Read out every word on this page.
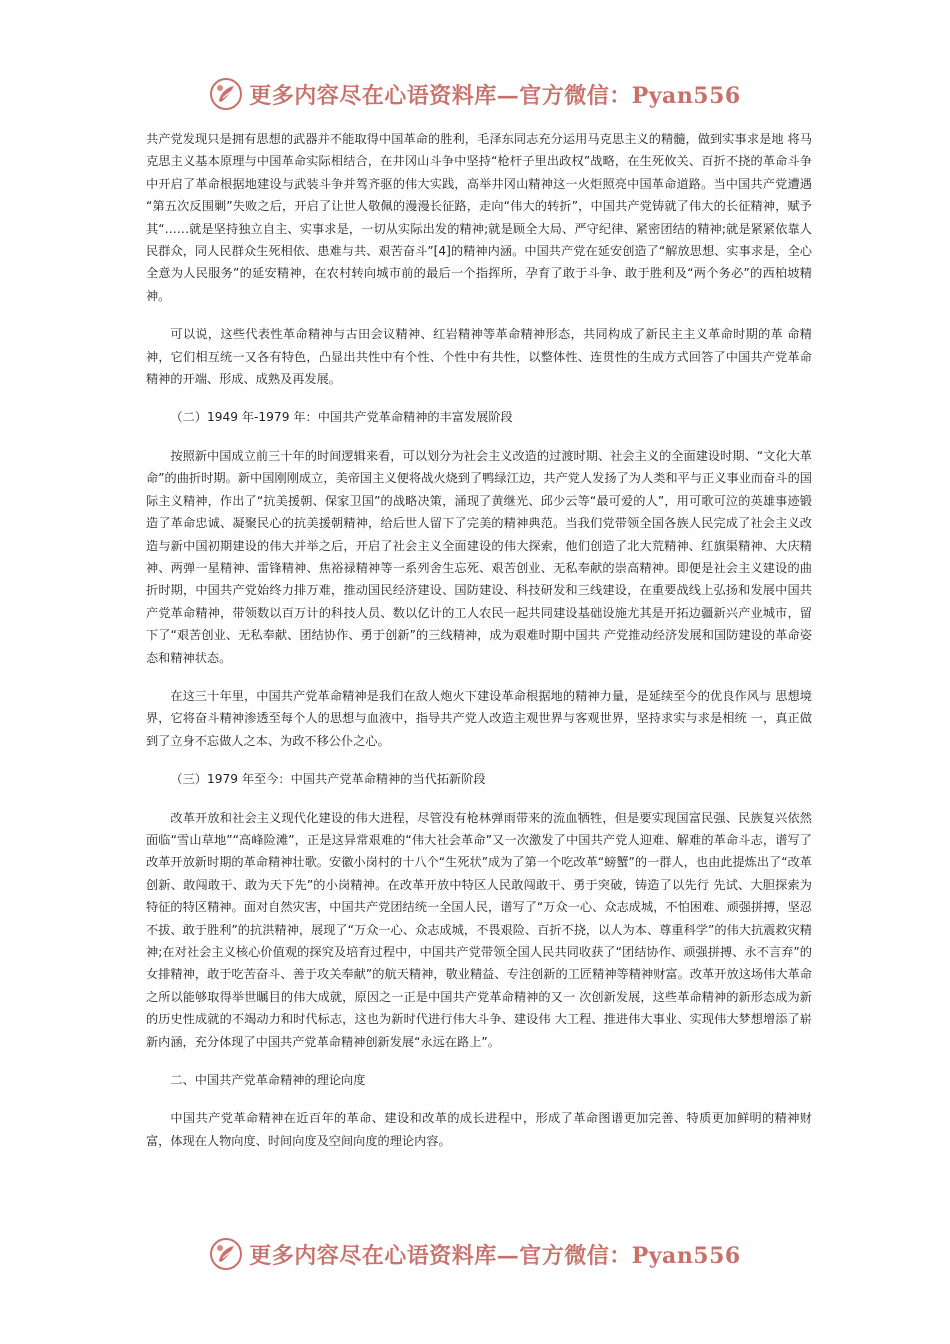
更多内容尽在心语资料库—官方微信：Pyan556

共产党发现只是拥有思想的武器并不能取得中国革命的胜利，毛泽东同志充分运用马克思主义的精髓，做到实事求是地 将马克思主义基本原理与中国革命实际相结合，在井冈山斗争中坚持“枪杆子里出政权”战略，在生死攸关、百折不挠的革命斗争中开启了革命根据地建设与武装斗争并驾齐驱的伟大实践，高举井冈山精神这一火炬照亮中国革命道路。当中国共产党遭遇 “第五次反围剿”失败之后，开启了让世人敬佩的漫漫长征路，走向“伟大的转折”，中国共产党铸就了伟大的长征精神，赋予其“……就是坚持独立自主、实事求是，一切从实际出发的精神;就是顾全大局、严守纪律、紧密团结的精神;就是紧紧依靠人民群众，同人民群众生死相依、患难与共、艰苦奋斗”[4]的精神内涵。中国共产党在延安创造了“解放思想、实事求是，全心全意为人民服务”的延安精神，在农村转向城市前的最后一个指挥所，孕育了敢于斗争、敢于胜利及“两个务必”的西柏坡精神。

可以说，这些代表性革命精神与古田会议精神、红岩精神等革命精神形态，共同构成了新民主主义革命时期的革 命精神，它们相互统一又各有特色，凸显出共性中有个性、个性中有共性，以整体性、连贯性的生成方式回答了中国共产党革命精神的开端、形成、成熟及再发展。

（二）1949 年-1979 年：中国共产党革命精神的丰富发展阶段

按照新中国成立前三十年的时间逻辑来看，可以划分为社会主义改造的过渡时期、社会主义的全面建设时期、“文化大革命”的曲折时期。新中国刚刚成立，美帝国主义便将战火烧到了鸭绿江边，共产党人发扬了为人类和平与正义事业而奋斗的国际主义精神，作出了“抗美援朝、保家卫国”的战略决策，涌现了黄继光、邱少云等“最可爱的人”，用可歌可泣的英雄事迹锻造了革命忠诚、凝聚民心的抗美援朝精神，给后世人留下了完美的精神典范。当我们党带领全国各族人民完成了社会主义改造与新中国初期建设的伟大并举之后，开启了社会主义全面建设的伟大探索，他们创造了北大荒精神、红旗渠精神、大庆精神、两弹一星精神、雷锋精神、焦裕禄精神等一系列舍生忘死、艰苦创业、无私奉献的崇高精神。即便是社会主义建设的曲折时期，中国共产党始终力排万难，推动国民经济建设、国防建设、科技研发和三线建设，在重要战线上弘扬和发展中国共产党革命精神，带领数以百万计的科技人员、数以亿计的工人农民一起共同建设基础设施尤其是开拓边疆新兴产业城市，留下了“艰苦创业、无私奉献、团结协作、勇于创新”的三线精神，成为艰难时期中国共 产党推动经济发展和国防建设的革命姿态和精神状态。

在这三十年里，中国共产党革命精神是我们在敌人炮火下建设革命根据地的精神力量，是延续至今的优良作风与 思想境界，它将奋斗精神渗透至每个人的思想与血液中，指导共产党人改造主观世界与客观世界，坚持求实与求是相统 一，真正做到了立身不忘做人之本、为政不移公仆之心。

（三）1979 年至今：中国共产党革命精神的当代拓新阶段

改革开放和社会主义现代化建设的伟大进程，尽管没有枪林弹雨带来的流血牺牲，但是要实现国富民强、民族复兴依然面临“雪山草地”“高峰险滩”，正是这异常艰难的“伟大社会革命”又一次激发了中国共产党人迎难、解难的革命斗志，谱写了改革开放新时期的革命精神壮歌。安徽小岗村的十八个“生死状”成为了第一个吃改革“螃蟹”的一群人，也由此提炼出了“改革创新、敢闯敢干、敢为天下先”的小岗精神。在改革开放中特区人民敢闯敢干、勇于突破，铸造了以先行 先试、大胆探索为特征的特区精神。面对自然灾害，中国共产党团结统一全国人民，谱写了“万众一心、众志成城，不怕困难、顽强拼搏，坚忍不拔、敢于胜利”的抗洪精神，展现了“万众一心、众志成城，不畏艰险、百折不挠，以人为本、尊重科学”的伟大抗震救灾精神;在对社会主义核心价值观的探究及培育过程中，中国共产党带领全国人民共同收获了“团结协作、顽强拼搏、永不言弃”的女排精神，敢于吃苦奋斗、善于攻关奉献”的航天精神，敬业精益、专注创新的工匠精神等精神财富。改革开放这场伟大革命之所以能够取得举世瞩目的伟大成就，原因之一正是中国共产党革命精神的又一 次创新发展，这些革命精神的新形态成为新的历史性成就的不竭动力和时代标志，这也为新时代进行伟大斗争、建设伟 大工程、推进伟大事业、实现伟大梦想增添了崭新内涵，充分体现了中国共产党革命精神创新发展“永远在路上”。

二、中国共产党革命精神的理论向度

中国共产党革命精神在近百年的革命、建设和改革的成长进程中，形成了革命图谱更加完善、特质更加鲜明的精神财富，体现在人物向度、时间向度及空间向度的理论内容。

更多内容尽在心语资料库—官方微信：Pyan556
